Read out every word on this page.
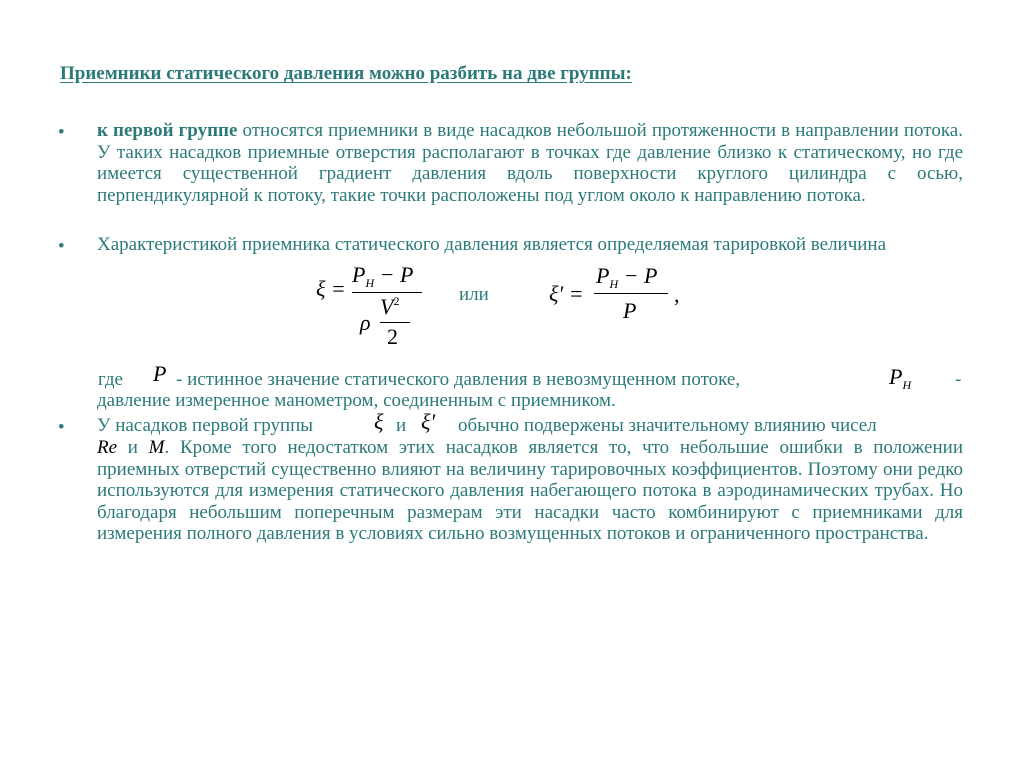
Приемники статического давления можно разбить на две группы:
• к первой группе относятся приемники в виде насадков небольшой протяженности в направлении потока. У таких насадков приемные отверстия располагают в точках где давление близко к статическому, но где имеется существенной градиент давления вдоль поверхности круглого цилиндра с осью, перпендикулярной к потоку, такие точки расположены под углом около к направлению потока.
• Характеристикой приемника статического давления является определяемая тарировкой величина
ξ =
$P_Н - P$
ρ
$V^2$
2
или	ξ′ =
$P_Н - P$
P
,
где P - истинное значение статического давления в невозмущенном потоке,	$P_Н$ -
давление измеренное манометром, соединенным с приемником.
• У насадков первой группы	ξ и ξ′ обычно подвержены значительному влиянию чисел
Re и M. Кроме того недостатком этих насадков является то, что небольшие ошибки в положении приемных отверстий существенно влияют на величину тарировочных коэффициентов. Поэтому они редко используются для измерения статического давления набегающего потока в аэродинамических трубах. Но благодаря небольшим поперечным размерам эти насадки часто комбинируют с приемниками для измерения полного давления в условиях сильно возмущенных потоков и ограниченного пространства.
